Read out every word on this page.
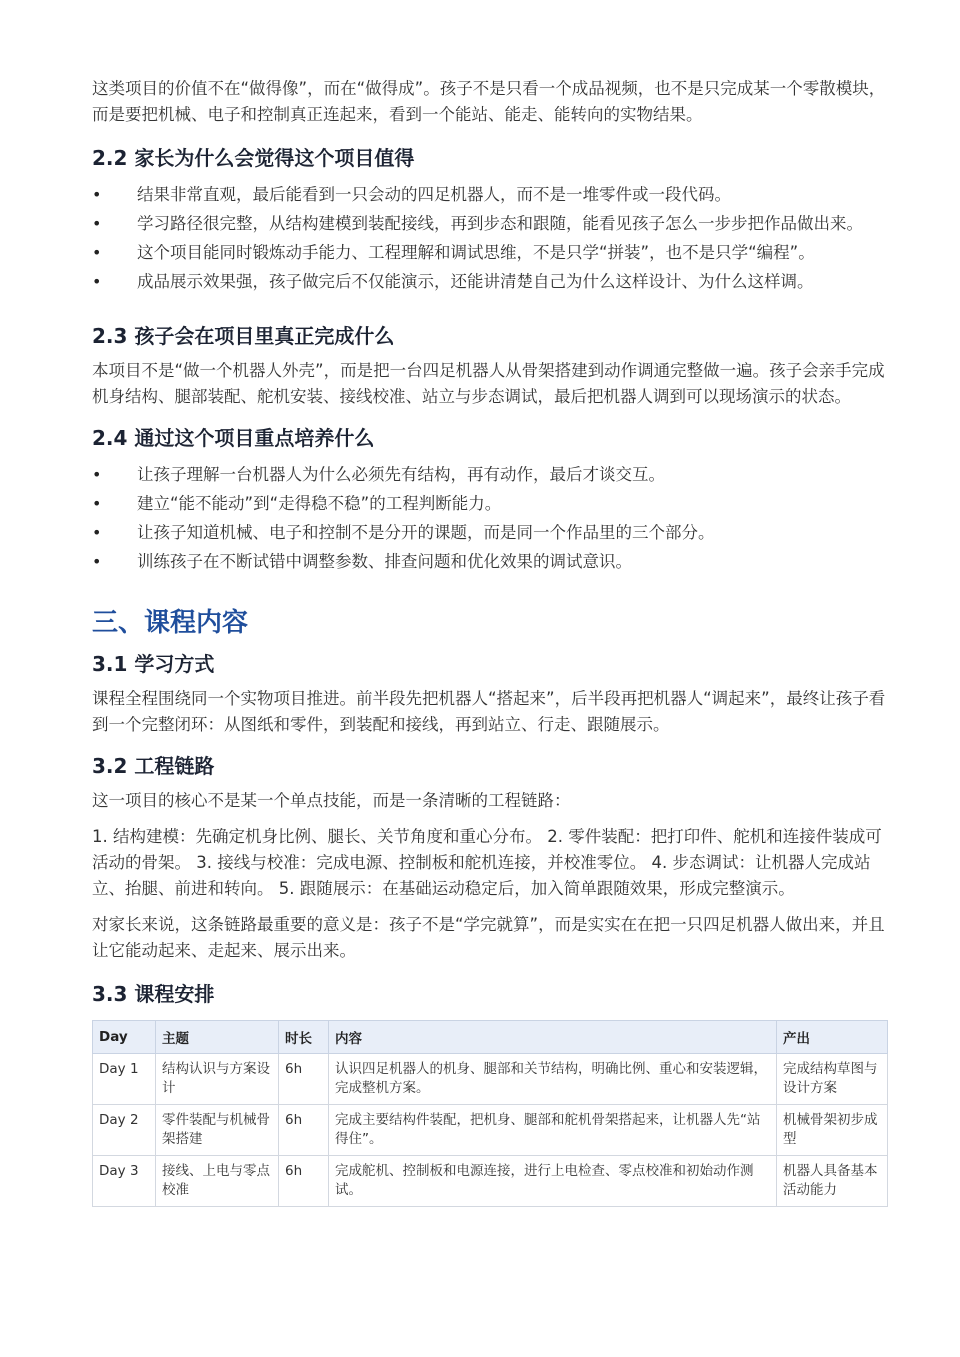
这类项目的价值不在“做得像”，而在“做得成”。孩子不是只看一个成品视频，也不是只完成某一个零散模块，而是要把机械、电子和控制真正连起来，看到一个能站、能走、能转向的实物结果。

2.2 家长为什么会觉得这个项目值得
• 结果非常直观，最后能看到一只会动的四足机器人，而不是一堆零件或一段代码。
• 学习路径很完整，从结构建模到装配接线，再到步态和跟随，能看见孩子怎么一步步把作品做出来。
• 这个项目能同时锻炼动手能力、工程理解和调试思维，不是只学“拼装”，也不是只学“编程”。
• 成品展示效果强，孩子做完后不仅能演示，还能讲清楚自己为什么这样设计、为什么这样调。
2.3 孩子会在项目里真正完成什么

本项目不是“做一个机器人外壳”，而是把一台四足机器人从骨架搭建到动作调通完整做一遍。孩子会亲手完成机身结构、腿部装配、舵机安装、接线校准、站立与步态调试，最后把机器人调到可以现场演示的状态。

2.4 通过这个项目重点培养什么
• 让孩子理解一台机器人为什么必须先有结构，再有动作，最后才谈交互。
• 建立“能不能动”到“走得稳不稳”的工程判断能力。
• 让孩子知道机械、电子和控制不是分开的课题，而是同一个作品里的三个部分。
• 训练孩子在不断试错中调整参数、排查问题和优化效果的调试意识。
三、课程内容
3.1 学习方式

课程全程围绕同一个实物项目推进。前半段先把机器人“搭起来”，后半段再把机器人“调起来”，最终让孩子看到一个完整闭环：从图纸和零件，到装配和接线，再到站立、行走、跟随展示。

3.2 工程链路

这一项目的核心不是某一个单点技能，而是一条清晰的工程链路：

1. 结构建模：先确定机身比例、腿长、关节角度和重心分布。 2. 零件装配：把打印件、舵机和连接件装成可活动的骨架。 3. 接线与校准：完成电源、控制板和舵机连接，并校准零位。 4. 步态调试：让机器人完成站立、抬腿、前进和转向。 5. 跟随展示：在基础运动稳定后，加入简单跟随效果，形成完整演示。

对家长来说，这条链路最重要的意义是：孩子不是“学完就算”，而是实实在在把一只四足机器人做出来，并且让它能动起来、走起来、展示出来。

3.3 课程安排
Day	主题	时长	内容	产出
Day 1	结构认识与方案设计	6h	认识四足机器人的机身、腿部和关节结构，明确比例、重心和安装逻辑，完成整机方案。	完成结构草图与设计方案
Day 2	零件装配与机械骨架搭建	6h	完成主要结构件装配，把机身、腿部和舵机骨架搭起来，让机器人先“站得住”。	机械骨架初步成型
Day 3	接线、上电与零点校准	6h	完成舵机、控制板和电源连接，进行上电检查、零点校准和初始动作测试。	机器人具备基本活动能力
